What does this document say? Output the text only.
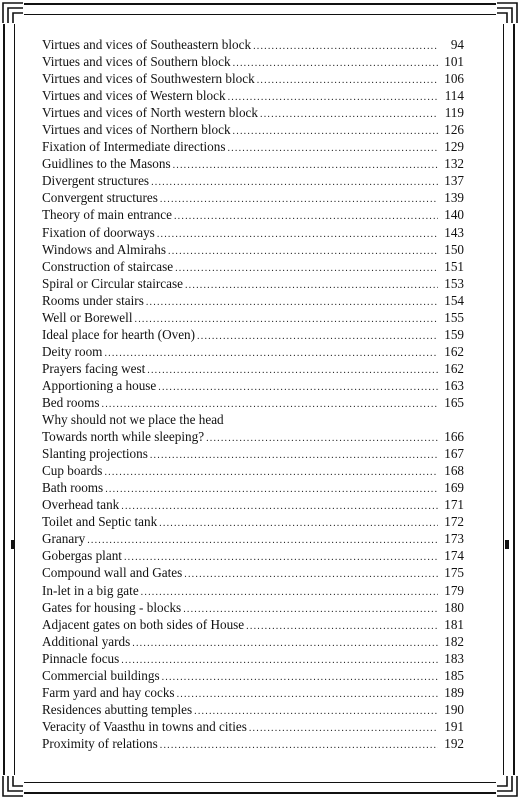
Virtues and vices of Southeastern block .....	94
Virtues and vices of Southern block .....	101
Virtues and vices of Southwestern block .....	106
Virtues and vices of Western block .....	114
Virtues and vices of North western block .....	119
Virtues and vices of Northern block .....	126
Fixation of Intermediate directions .....	129
Guidlines to the Masons .....	132
Divergent structures .....	137
Convergent structures .....	139
Theory of main entrance .....	140
Fixation of doorways .....	143
Windows and Almirahs .....	150
Construction of staircase .....	151
Spiral or Circular staircase .....	153
Rooms under stairs .....	154
Well or Borewell .....	155
Ideal place for hearth (Oven) .....	159
Deity room .....	162
Prayers facing west .....	162
Apportioning a house .....	163
Bed rooms .....	165
Why should not we place the head
Towards north while sleeping? .....	166
Slanting projections .....	167
Cup boards .....	168
Bath rooms .....	169
Overhead tank .....	171
Toilet and Septic tank .....	172
Granary .....	173
Gobergas plant .....	174
Compound wall and Gates .....	175
In-let in a big gate .....	179
Gates for housing - blocks .....	180
Adjacent gates on both sides of House .....	181
Additional yards .....	182
Pinnacle focus .....	183
Commercial buildings .....	185
Farm yard and hay cocks .....	189
Residences abutting temples .....	190
Veracity of Vaasthu in towns and cities .....	191
Proximity of relations .....	192
